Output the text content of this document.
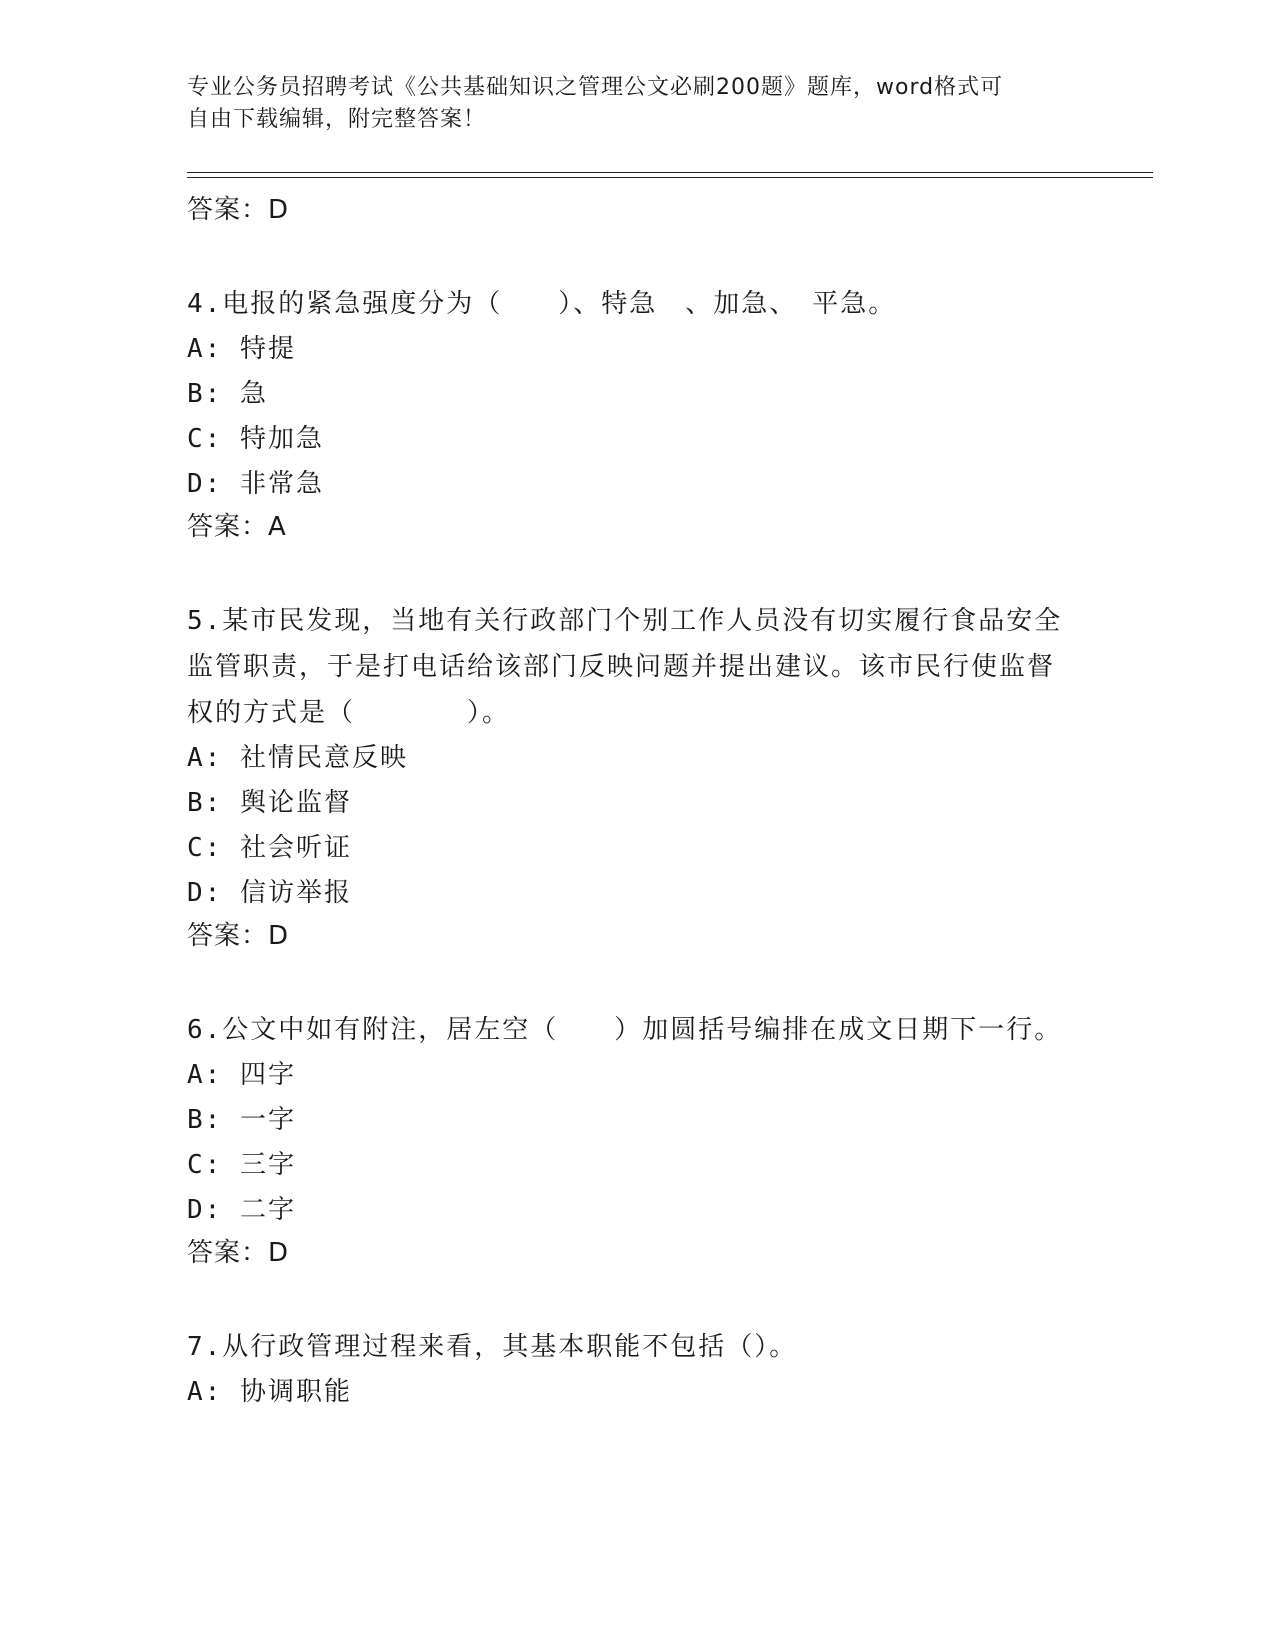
专业公务员招聘考试《公共基础知识之管理公文必刷200题》题库，word格式可
自由下载编辑，附完整答案！
答案：D
4.电报的紧急强度分为（　　）、特急　、加急、　平急。
A: 特提
B: 急
C: 特加急
D: 非常急
答案：A
5.某市民发现，当地有关行政部门个别工作人员没有切实履行食品安全监管职责，于是打电话给该部门反映问题并提出建议。该市民行使监督权的方式是（　　　　）。
A: 社情民意反映
B: 舆论监督
C: 社会听证
D: 信访举报
答案：D
6.公文中如有附注，居左空（　　）加圆括号编排在成文日期下一行。
A: 四字
B: 一字
C: 三字
D: 二字
答案：D
7.从行政管理过程来看，其基本职能不包括（）。
A: 协调职能
